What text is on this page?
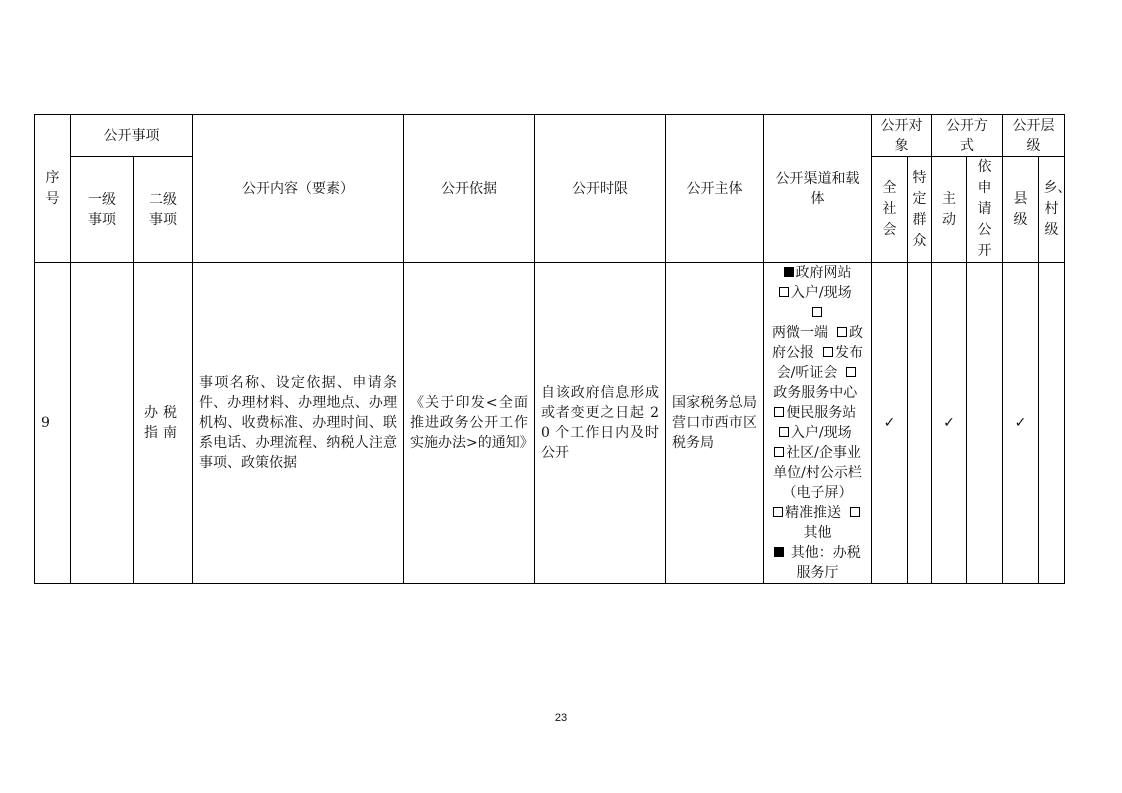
序号	公开事项		公开内容（要素）	公开依据	公开时限	公开主体	公开渠道和载体	公开对象		公开方式		公开层级	
	一级事项	二级事项						全社会	特定群众	主动	依申请公开	县级	乡、村级
9		办税指南	事项名称、设定依据、申请条件、办理材料、办理地点、办理机构、收费标准、办理时间、联系电话、办理流程、纳税人注意事项、政策依据	《关于印发<全面推进政务公开工作实施办法>的通知》	自该政府信息形成或者变更之日起 20 个工作日内及时公开	国家税务总局营口市西市区税务局	政府网站
入户/现场
两微一端 政府公报 发布会/听证会  政务服务中心  便民服务站  入户/现场  社区/企事业单位/村公示栏（电子屏）
精准推送  其他
其他：办税服务厅	✓		✓		✓	
23
